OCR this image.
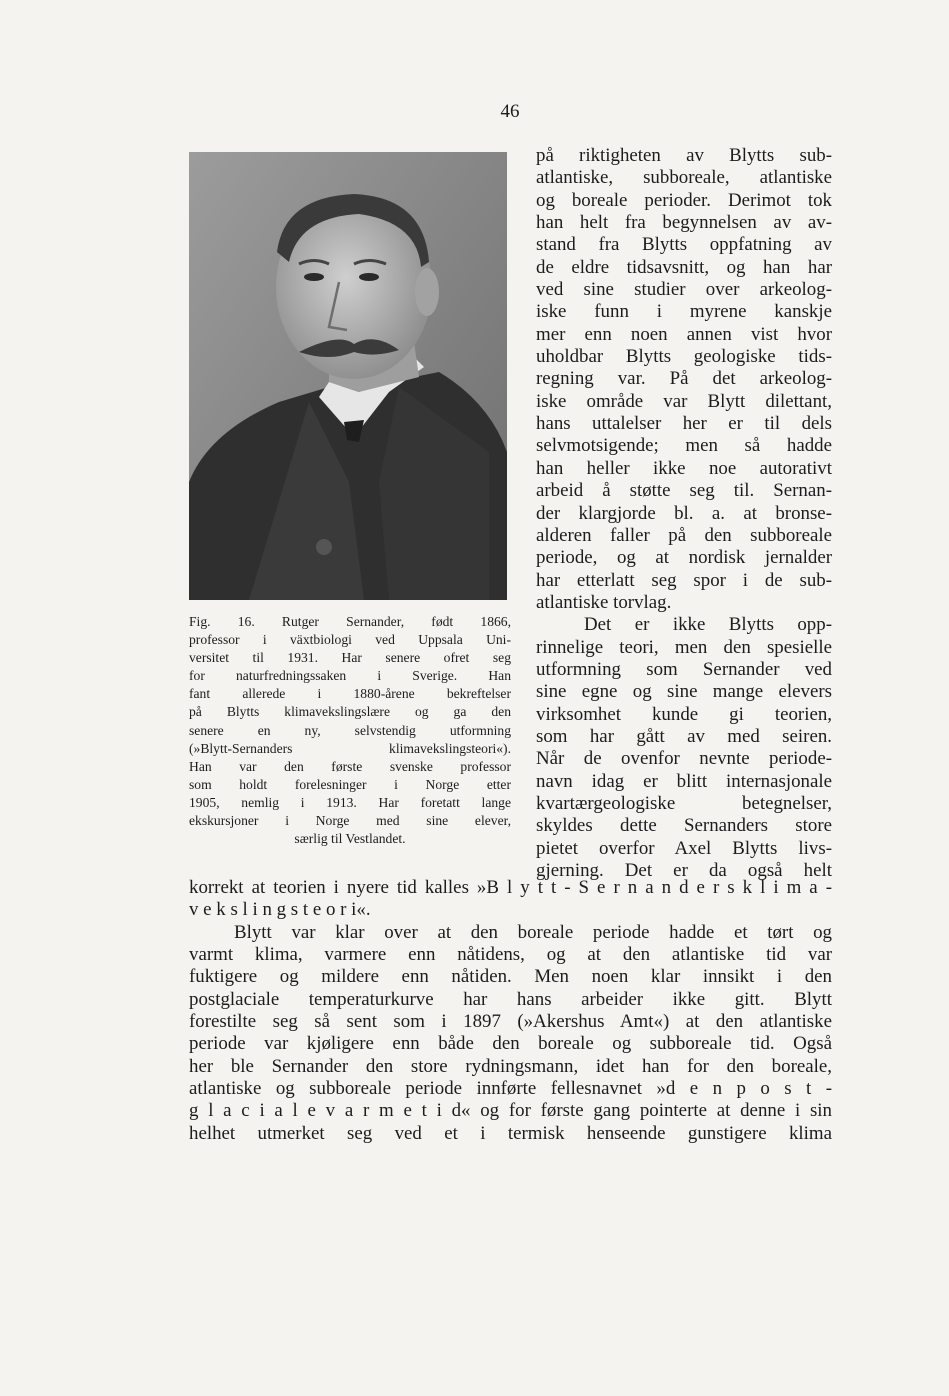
46
Fig. 16. Rutger Sernander, født 1866,
professor i växtbiologi ved Uppsala Uni-
versitet til 1931. Har senere ofret seg
for naturfredningssaken i Sverige. Han
fant allerede i 1880-årene bekreftelser
på Blytts klimavekslingslære og ga den
senere en ny, selvstendig utformning
(»Blytt-Sernanders klimavekslingsteori«).
Han var den første svenske professor
som holdt forelesninger i Norge etter
1905, nemlig i 1913. Har foretatt lange
ekskursjoner i Norge med sine elever,
særlig til Vestlandet.
på riktigheten av Blytts sub-
atlantiske, subboreale, atlantiske
og boreale perioder. Derimot tok
han helt fra begynnelsen av av-
stand fra Blytts oppfatning av
de eldre tidsavsnitt, og han har
ved sine studier over arkeolog-
iske funn i myrene kanskje
mer enn noen annen vist hvor
uholdbar Blytts geologiske tids-
regning var. På det arkeolog-
iske område var Blytt dilettant,
hans uttalelser her er til dels
selvmotsigende; men så hadde
han heller ikke noe autorativt
arbeid å støtte seg til. Sernan-
der klargjorde bl. a. at bronse-
alderen faller på den subboreale
periode, og at nordisk jernalder
har etterlatt seg spor i de sub-
atlantiske torvlag.
Det er ikke Blytts opp-
rinnelige teori, men den spesielle
utformning som Sernander ved
sine egne og sine mange elevers
virksomhet kunde gi teorien,
som har gått av med seiren.
Når de ovenfor nevnte periode-
navn idag er blitt internasjonale
kvartærgeologiske betegnelser,
skyldes dette Sernanders store
pietet overfor Axel Blytts livs-
gjerning. Det er da også helt
korrekt at teorien i nyere tid kalles »B l y t t - S e r n a n d e r s k l i m a -
v e k s l i n g s t e o r i«.
Blytt var klar over at den boreale periode hadde et tørt og
varmt klima, varmere enn nåtidens, og at den atlantiske tid var
fuktigere og mildere enn nåtiden. Men noen klar innsikt i den
postglaciale temperaturkurve har hans arbeider ikke gitt. Blytt
forestilte seg så sent som i 1897 (»Akershus Amt«) at den atlantiske
periode var kjøligere enn både den boreale og subboreale tid. Også
her ble Sernander den store rydningsmann, idet han for den boreale,
atlantiske og subboreale periode innførte fellesnavnet »d e n p o s t -
g l a c i a l e v a r m e t i d« og for første gang pointerte at denne i sin
helhet utmerket seg ved et i termisk henseende gunstigere klima
